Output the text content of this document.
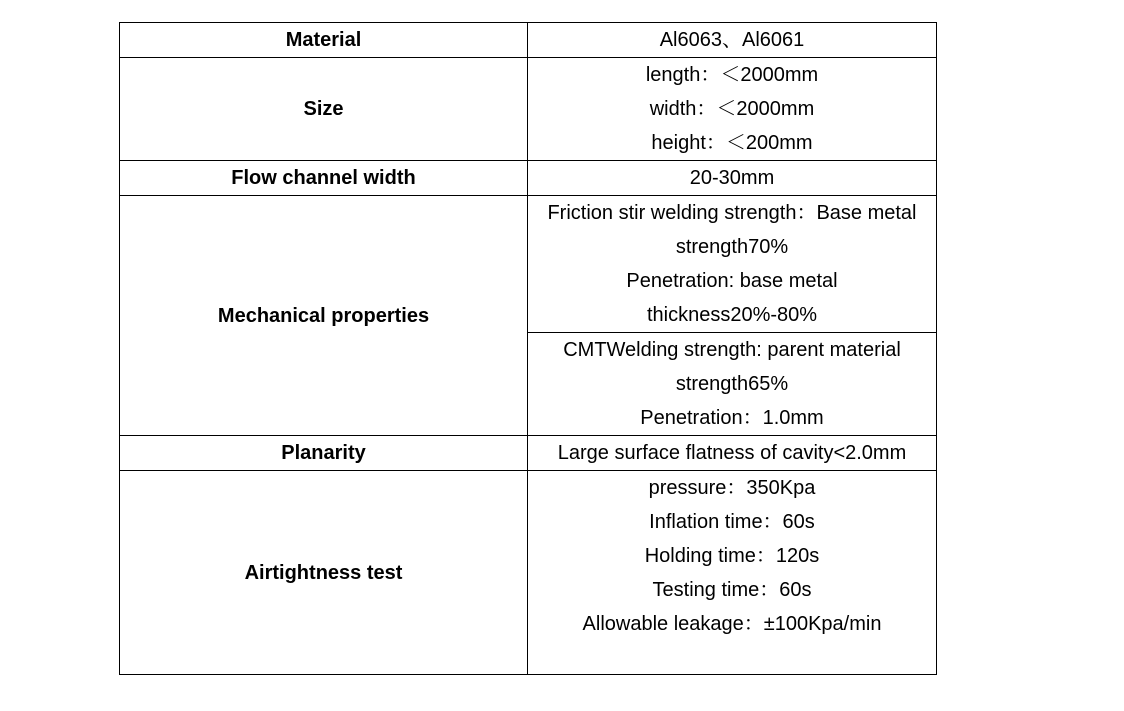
Material	Al6063、Al6061
Size	length：＜2000mm
width：＜2000mm
height：＜200mm

Flow channel width	20-30mm
Mechanical properties	Friction stir welding strength：Base metal
strength70%
Penetration: base metal
thickness20%-80%

	CMTWelding strength: parent material
strength65%
Penetration：1.0mm

Planarity	Large surface flatness of cavity<2.0mm
Airtightness test	pressure：350Kpa
Inflation time：60s
Holding time：120s
Testing time：60s
Allowable leakage：±100Kpa/min
